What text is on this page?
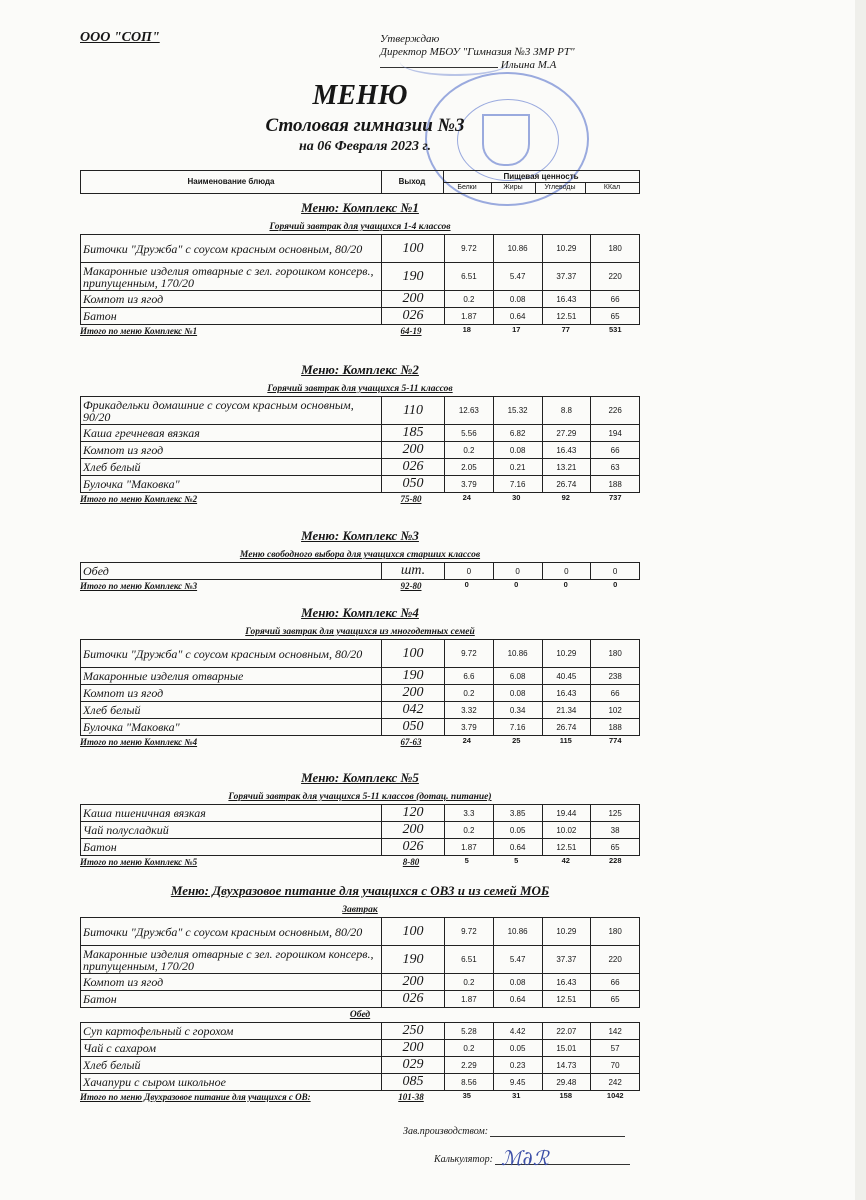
ООО "СОП"	Утверждаю
Директор МБОУ "Гимназия №3 ЗМР РТ"
Ильина М.А
МЕНЮ
Столовая гимназии №3
на 06 Февраля 2023 г.
Наименование блюда	Выход
Пищевая ценность
Белки	Жиры	Углеводы	ККал
Меню: Комплекс №1
Горячий завтрак для учащихся 1-4 классов
Биточки "Дружба" с соусом красным основным, 80/20	100	9.72	10.86	10.29	180
Макаронные изделия отварные с зел. горошком консерв., припущенным, 170/20	190	6.51	5.47	37.37	220
Компот из ягод	200	0.2	0.08	16.43	66
Батон	026	1.87	0.64	12.51	65
Итого по меню Комплекс №1	64-19	18	17	77	531
Меню: Комплекс №2
Горячий завтрак для учащихся 5-11 классов
Фрикадельки домашние с соусом красным основным, 90/20	110	12.63	15.32	8.8	226
Каша гречневая вязкая	185	5.56	6.82	27.29	194
Компот из ягод	200	0.2	0.08	16.43	66
Хлеб белый	026	2.05	0.21	13.21	63
Булочка "Маковка"	050	3.79	7.16	26.74	188
Итого по меню Комплекс №2	75-80	24	30	92	737
Меню: Комплекс №3
Меню свободного выбора для учащихся старших классов
Обед	шт.	0	0	0	0
Итого по меню Комплекс №3	92-80	0	0	0	0
Меню: Комплекс №4
Горячий завтрак для учащихся из многодетных семей
Биточки "Дружба" с соусом красным основным, 80/20	100	9.72	10.86	10.29	180
Макаронные изделия отварные	190	6.6	6.08	40.45	238
Компот из ягод	200	0.2	0.08	16.43	66
Хлеб белый	042	3.32	0.34	21.34	102
Булочка "Маковка"	050	3.79	7.16	26.74	188
Итого по меню Комплекс №4	67-63	24	25	115	774
Меню: Комплекс №5
Горячий завтрак для учащихся 5-11 классов (дотац. питание)
Каша пшеничная вязкая	120	3.3	3.85	19.44	125
Чай полусладкий	200	0.2	0.05	10.02	38
Батон	026	1.87	0.64	12.51	65
Итого по меню Комплекс №5	8-80	5	5	42	228
Меню: Двухразовое питание для учащихся с ОВЗ и из семей МОБ
Завтрак
Биточки "Дружба" с соусом красным основным, 80/20	100	9.72	10.86	10.29	180
Макаронные изделия отварные с зел. горошком консерв., припущенным, 170/20	190	6.51	5.47	37.37	220
Компот из ягод	200	0.2	0.08	16.43	66
Батон	026	1.87	0.64	12.51	65
Обед
Суп картофельный с горохом	250	5.28	4.42	22.07	142
Чай с сахаром	200	0.2	0.05	15.01	57
Хлеб белый	029	2.29	0.23	14.73	70
Хачапури с сыром школьное	085	8.56	9.45	29.48	242
Итого по меню Двухразовое питание для учащихся с ОВ:	101-38	35	31	158	1042
Зав.производством:
Калькулятор: ℳ∂ℛ
